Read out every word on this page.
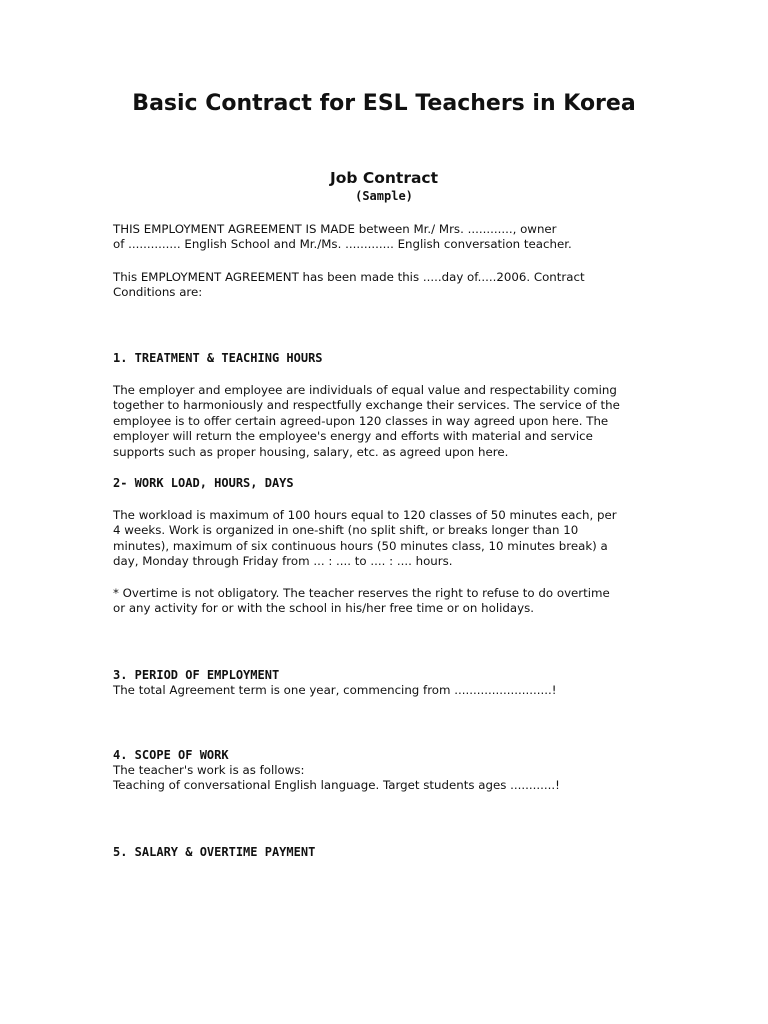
Basic Contract for ESL Teachers in Korea
Job Contract
(Sample)

THIS EMPLOYMENT AGREEMENT IS MADE between Mr./ Mrs. ............, owner
of .............. English School and Mr./Ms. ............. English conversation teacher.

This EMPLOYMENT AGREEMENT has been made this .....day of.....2006. Contract
Conditions are:

1. TREATMENT & TEACHING HOURS

The employer and employee are individuals of equal value and respectability coming
together to harmoniously and respectfully exchange their services. The service of the
employee is to offer certain agreed-upon 120 classes in way agreed upon here. The
employer will return the employee's energy and efforts with material and service
supports such as proper housing, salary, etc. as agreed upon here.

2- WORK LOAD, HOURS, DAYS

The workload is maximum of 100 hours equal to 120 classes of 50 minutes each, per
4 weeks. Work is organized in one-shift (no split shift, or breaks longer than 10
minutes), maximum of six continuous hours (50 minutes class, 10 minutes break) a
day, Monday through Friday from ... : .... to .... : .... hours.

* Overtime is not obligatory. The teacher reserves the right to refuse to do overtime
or any activity for or with the school in his/her free time or on holidays.

3. PERIOD OF EMPLOYMENT

The total Agreement term is one year, commencing from ..........................!

4. SCOPE OF WORK

The teacher's work is as follows:
Teaching of conversational English language. Target students ages ............!

5. SALARY & OVERTIME PAYMENT
